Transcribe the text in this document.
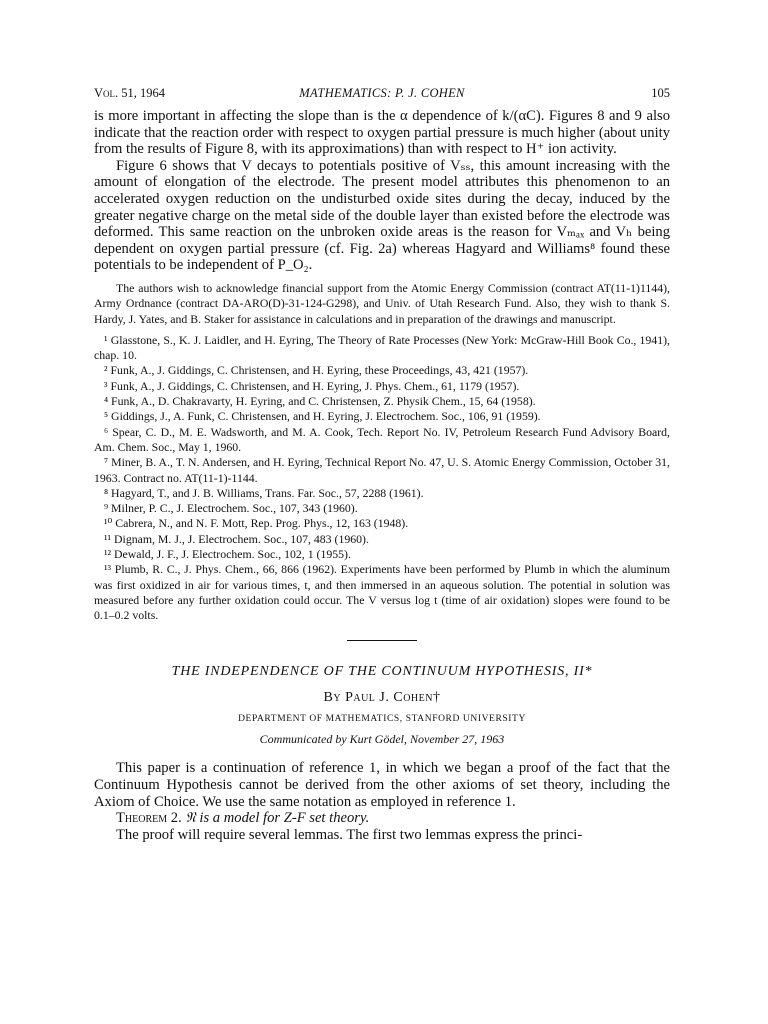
Vol. 51, 1964	MATHEMATICS: P. J. COHEN	105

is more important in affecting the slope than is the α dependence of k/(αC). Figures 8 and 9 also indicate that the reaction order with respect to oxygen partial pressure is much higher (about unity from the results of Figure 8, with its approximations) than with respect to H⁺ ion activity.

Figure 6 shows that V decays to potentials positive of Vₛₛ, this amount increasing with the amount of elongation of the electrode. The present model attributes this phenomenon to an accelerated oxygen reduction on the undisturbed oxide sites during the decay, induced by the greater negative charge on the metal side of the double layer than existed before the electrode was deformed. This same reaction on the unbroken oxide areas is the reason for Vₘₐₓ and Vₕ being dependent on oxygen partial pressure (cf. Fig. 2a) whereas Hagyard and Williams⁸ found these potentials to be independent of P_O₂.

The authors wish to acknowledge financial support from the Atomic Energy Commission (contract AT(11-1)1144), Army Ordnance (contract DA-ARO(D)-31-124-G298), and Univ. of Utah Research Fund. Also, they wish to thank S. Hardy, J. Yates, and B. Staker for assistance in calculations and in preparation of the drawings and manuscript.

¹ Glasstone, S., K. J. Laidler, and H. Eyring, The Theory of Rate Processes (New York: McGraw-Hill Book Co., 1941), chap. 10.

² Funk, A., J. Giddings, C. Christensen, and H. Eyring, these Proceedings, 43, 421 (1957).

³ Funk, A., J. Giddings, C. Christensen, and H. Eyring, J. Phys. Chem., 61, 1179 (1957).

⁴ Funk, A., D. Chakravarty, H. Eyring, and C. Christensen, Z. Physik Chem., 15, 64 (1958).

⁵ Giddings, J., A. Funk, C. Christensen, and H. Eyring, J. Electrochem. Soc., 106, 91 (1959).

⁶ Spear, C. D., M. E. Wadsworth, and M. A. Cook, Tech. Report No. IV, Petroleum Research Fund Advisory Board, Am. Chem. Soc., May 1, 1960.

⁷ Miner, B. A., T. N. Andersen, and H. Eyring, Technical Report No. 47, U. S. Atomic Energy Commission, October 31, 1963. Contract no. AT(11-1)-1144.

⁸ Hagyard, T., and J. B. Williams, Trans. Far. Soc., 57, 2288 (1961).

⁹ Milner, P. C., J. Electrochem. Soc., 107, 343 (1960).

¹⁰ Cabrera, N., and N. F. Mott, Rep. Prog. Phys., 12, 163 (1948).

¹¹ Dignam, M. J., J. Electrochem. Soc., 107, 483 (1960).

¹² Dewald, J. F., J. Electrochem. Soc., 102, 1 (1955).

¹³ Plumb, R. C., J. Phys. Chem., 66, 866 (1962). Experiments have been performed by Plumb in which the aluminum was first oxidized in air for various times, t, and then immersed in an aqueous solution. The potential in solution was measured before any further oxidation could occur. The V versus log t (time of air oxidation) slopes were found to be 0.1–0.2 volts.

THE INDEPENDENCE OF THE CONTINUUM HYPOTHESIS, II*
By Paul J. Cohen†
DEPARTMENT OF MATHEMATICS, STANFORD UNIVERSITY
Communicated by Kurt Gödel, November 27, 1963

This paper is a continuation of reference 1, in which we began a proof of the fact that the Continuum Hypothesis cannot be derived from the other axioms of set theory, including the Axiom of Choice. We use the same notation as employed in reference 1.

Theorem 2. 𝔑 is a model for Z-F set theory.

The proof will require several lemmas. The first two lemmas express the princi-
